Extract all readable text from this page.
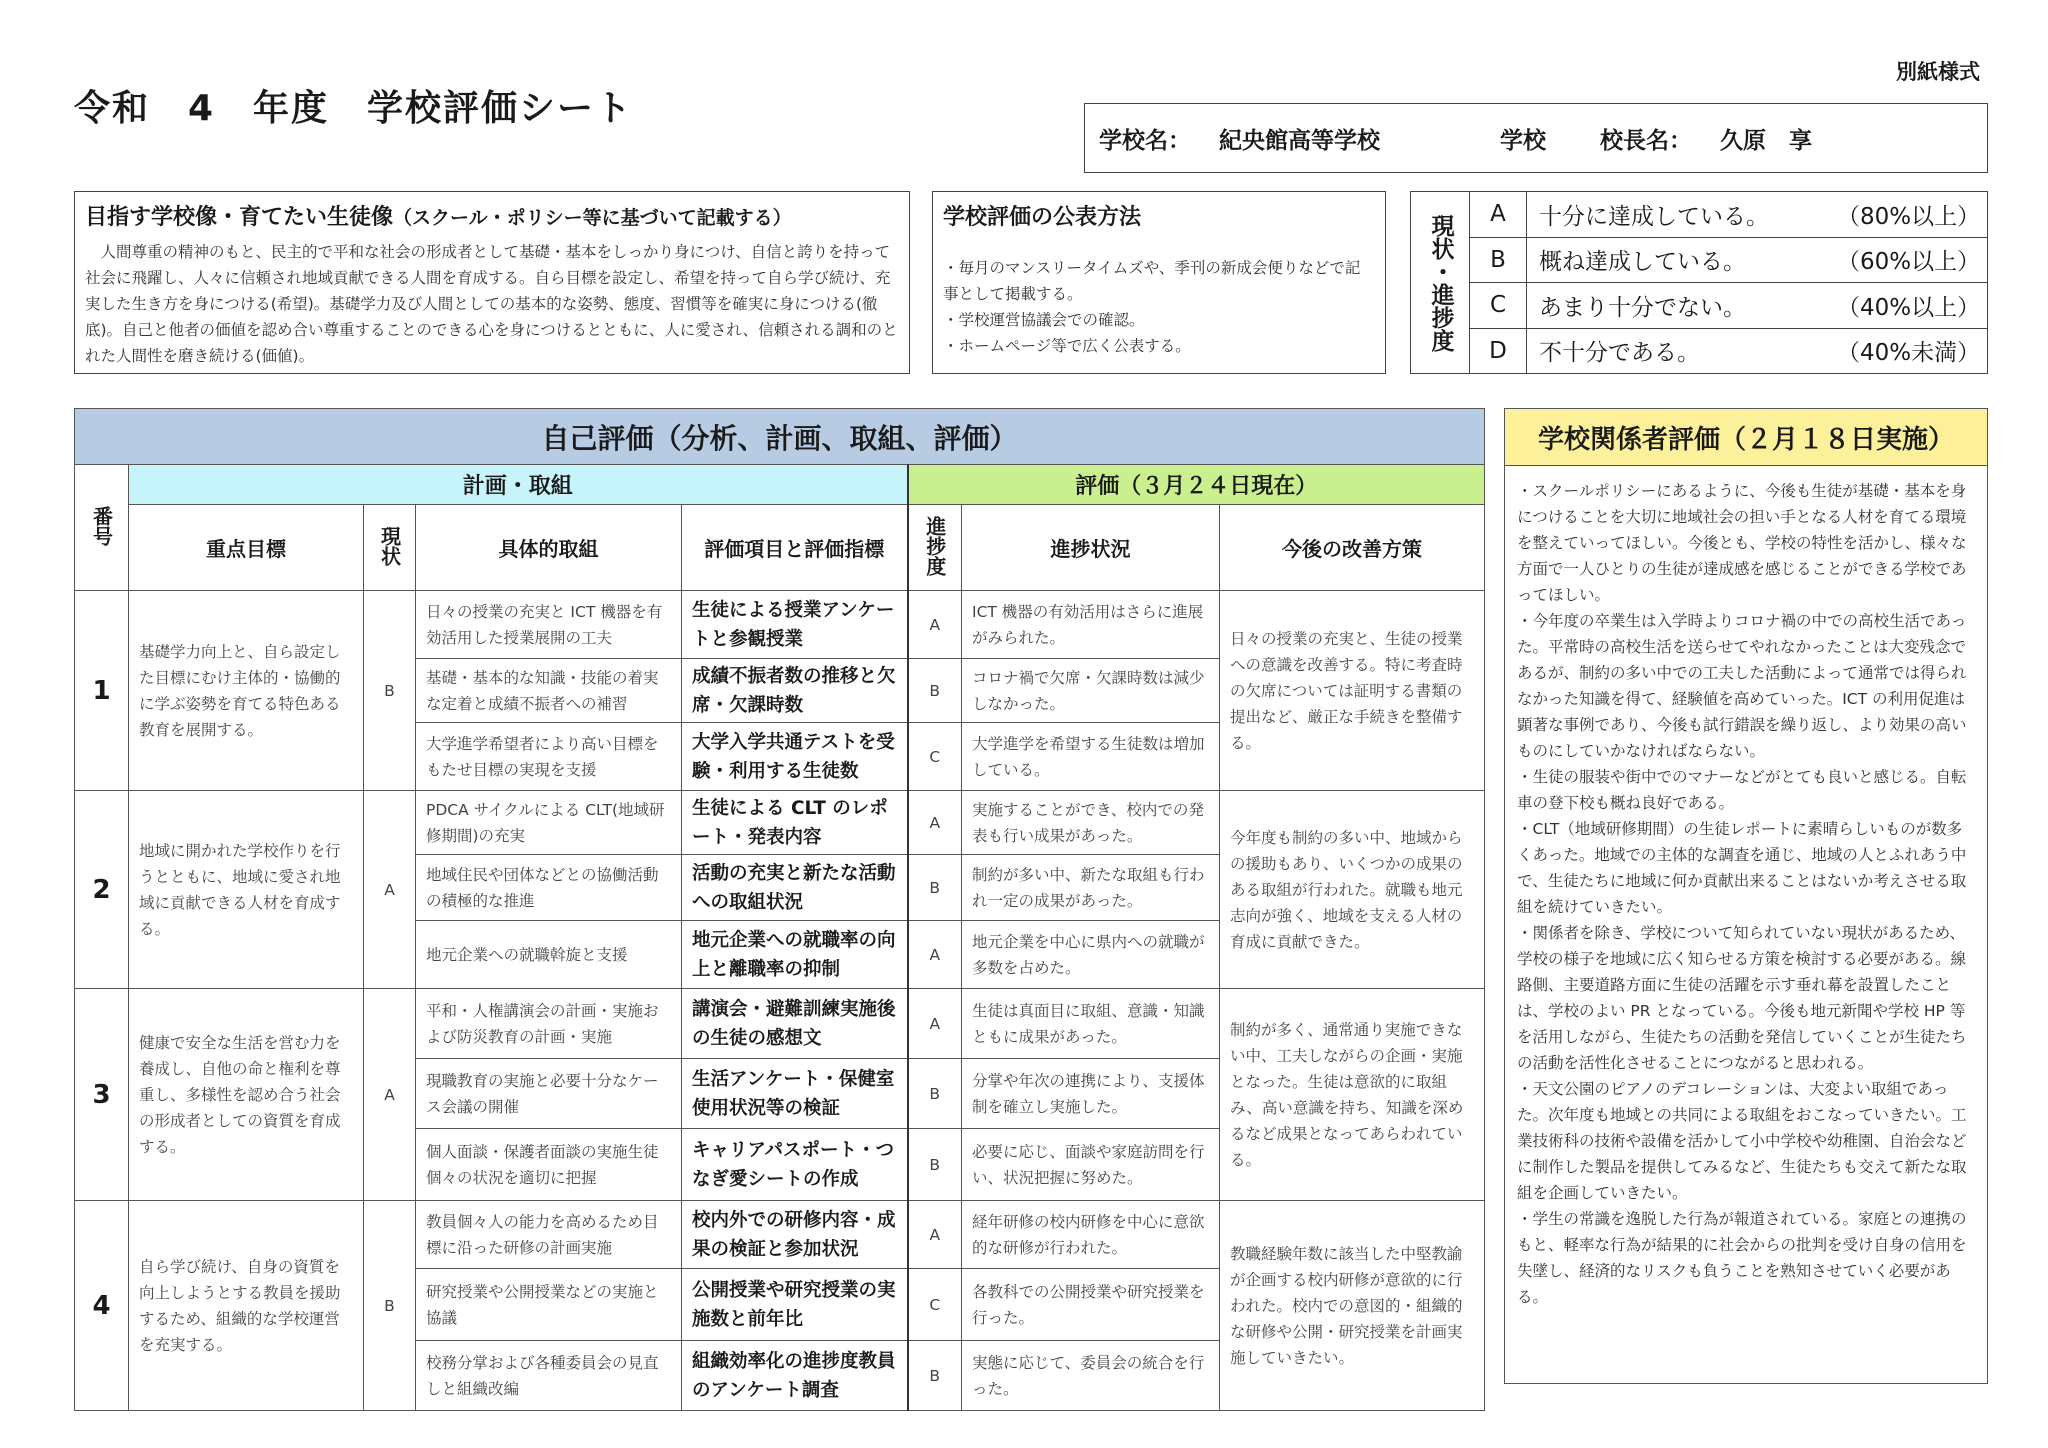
令和　4　年度　学校評価シート
別紙様式
学校名： 紀央館高等学校	学校 校長名： 久原　享
目指す学校像・育てたい生徒像（スクール・ポリシー等に基づいて記載する）
人間尊重の精神のもと、民主的で平和な社会の形成者として基礎・基本をしっかり身につけ、自信と誇りを持って社会に飛躍し、人々に信頼され地域貢献できる人間を育成する。自ら目標を設定し、希望を持って自ら学び続け、充実した生き方を身につける(希望)。基礎学力及び人間としての基本的な姿勢、態度、習慣等を確実に身につける(徹底)。自己と他者の価値を認め合い尊重することのできる心を身につけるとともに、人に愛され、信頼される調和のとれた人間性を磨き続ける(価値)。
学校評価の公表方法
・毎月のマンスリータイムズや、季刊の新成会便りなどで記事として掲載する。
・学校運営協議会での確認。
・ホームページ等で広く公表する。	現状・進捗度	A	十分に達成している。	（80%以上）
B	概ね達成している。	（60%以上）
C	あまり十分でない。	（40%以上）
D	不十分である。	（40%未満）
自己評価（分析、計画、取組、評価）							
番号	計画・取組				評価（３月２４日現在）		
	重点目標	現状	具体的取組	評価項目と評価指標	進捗度	進捗状況	今後の改善方策
1	基礎学力向上と、自ら設定した目標にむけ主体的・協働的に学ぶ姿勢を育てる特色ある教育を展開する。	B	日々の授業の充実と ICT 機器を有効活用した授業展開の工夫	生徒による授業アンケートと参観授業	A	ICT 機器の有効活用はさらに進展がみられた。	日々の授業の充実と、生徒の授業への意識を改善する。特に考査時の欠席については証明する書類の提出など、厳正な手続きを整備する。
			基礎・基本的な知識・技能の着実な定着と成績不振者への補習	成績不振者数の推移と欠席・欠課時数	B	コロナ禍で欠席・欠課時数は減少しなかった。	
			大学進学希望者により高い目標をもたせ目標の実現を支援	大学入学共通テストを受験・利用する生徒数	C	大学進学を希望する生徒数は増加している。	
2	地域に開かれた学校作りを行うとともに、地域に愛され地域に貢献できる人材を育成する。	A	PDCA サイクルによる CLT(地域研修期間)の充実	生徒による CLT のレポート・発表内容	A	実施することができ、校内での発表も行い成果があった。	今年度も制約の多い中、地域からの援助もあり、いくつかの成果のある取組が行われた。就職も地元志向が強く、地域を支える人材の育成に貢献できた。
			地域住民や団体などとの協働活動の積極的な推進	活動の充実と新たな活動への取組状況	B	制約が多い中、新たな取組も行われ一定の成果があった。	
			地元企業への就職斡旋と支援	地元企業への就職率の向上と離職率の抑制	A	地元企業を中心に県内への就職が多数を占めた。	
3	健康で安全な生活を営む力を養成し、自他の命と権利を尊重し、多様性を認め合う社会の形成者としての資質を育成する。	A	平和・人権講演会の計画・実施および防災教育の計画・実施	講演会・避難訓練実施後の生徒の感想文	A	生徒は真面目に取組、意識・知識ともに成果があった。	制約が多く、通常通り実施できない中、工夫しながらの企画・実施となった。生徒は意欲的に取組み、高い意識を持ち、知識を深めるなど成果となってあらわれている。
			現職教育の実施と必要十分なケース会議の開催	生活アンケート・保健室使用状況等の検証	B	分掌や年次の連携により、支援体制を確立し実施した。	
			個人面談・保護者面談の実施生徒個々の状況を適切に把握	キャリアパスポート・つなぎ愛シートの作成	B	必要に応じ、面談や家庭訪問を行い、状況把握に努めた。	
4	自ら学び続け、自身の資質を向上しようとする教員を援助するため、組織的な学校運営を充実する。	B	教員個々人の能力を高めるため目標に沿った研修の計画実施	校内外での研修内容・成果の検証と参加状況	A	経年研修の校内研修を中心に意欲的な研修が行われた。	教職経験年数に該当した中堅教諭が企画する校内研修が意欲的に行われた。校内での意図的・組織的な研修や公開・研究授業を計画実施していきたい。
			研究授業や公開授業などの実施と協議	公開授業や研究授業の実施数と前年比	C	各教科での公開授業や研究授業を行った。	
			校務分掌および各種委員会の見直しと組織改編	組織効率化の進捗度教員のアンケート調査	B	実態に応じて、委員会の統合を行った。	
学校関係者評価（２月１８日実施）
・スクールポリシーにあるように、今後も生徒が基礎・基本を身につけることを大切に地域社会の担い手となる人材を育てる環境を整えていってほしい。今後とも、学校の特性を活かし、様々な方面で一人ひとりの生徒が達成感を感じることができる学校であってほしい。
・今年度の卒業生は入学時よりコロナ禍の中での高校生活であった。平常時の高校生活を送らせてやれなかったことは大変残念であるが、制約の多い中での工夫した活動によって通常では得られなかった知識を得て、経験値を高めていった。ICT の利用促進は顕著な事例であり、今後も試行錯誤を繰り返し、より効果の高いものにしていかなければならない。
・生徒の服装や街中でのマナーなどがとても良いと感じる。自転車の登下校も概ね良好である。
・CLT（地域研修期間）の生徒レポートに素晴らしいものが数多くあった。地域での主体的な調査を通じ、地域の人とふれあう中で、生徒たちに地域に何か貢献出来ることはないか考えさせる取組を続けていきたい。
・関係者を除き、学校について知られていない現状があるため、学校の様子を地域に広く知らせる方策を検討する必要がある。線路側、主要道路方面に生徒の活躍を示す垂れ幕を設置したことは、学校のよい PR となっている。今後も地元新聞や学校 HP 等を活用しながら、生徒たちの活動を発信していくことが生徒たちの活動を活性化させることにつながると思われる。
・天文公園のピアノのデコレーションは、大変よい取組であった。次年度も地域との共同による取組をおこなっていきたい。工業技術科の技術や設備を活かして小中学校や幼稚園、自治会などに制作した製品を提供してみるなど、生徒たちも交えて新たな取組を企画していきたい。
・学生の常識を逸脱した行為が報道されている。家庭との連携のもと、軽率な行為が結果的に社会からの批判を受け自身の信用を失墜し、経済的なリスクも負うことを熟知させていく必要がある。
